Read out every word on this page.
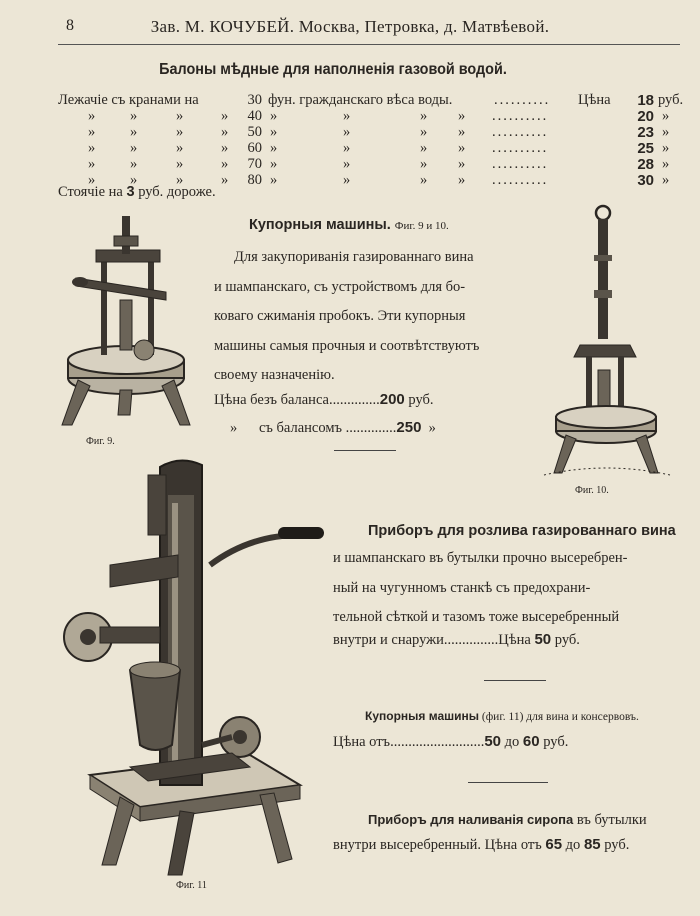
8	Зав. М. КОЧУБЕЙ. Москва, Петровка, д. Матвѣевой.
Балоны мѣдные для наполненія газовой водой.
Лежачiе съ кранами на	30 фун. гражданскаго вѣса воды.	.......... Цѣна	18 руб.
» »	»	»	40 »	»	» » ..........	20 »
» »	»	»	50 »	»	» » ..........	23 »
» »	»	»	60 »	»	» » ..........	25 »
» »	»	»	70 »	»	» » ..........	28 »
» »	»	»	80 »	»	» » ..........	30 »
Стоячiе на 3 руб. дороже.
Купорныя машины. Фиг. 9 и 10.
Для закупориванія газированнаго вина
и шампанскаго, съ устройствомъ для бо-
коваго сжиманія пробокъ. Эти купорныя
машины самыя прочныя и соотвѣтствуютъ
своему назначенію.
Цѣна безъ баланса..............200 руб.
»      съ балансомъ ..............250 »
Приборъ для розлива газированнаго вина
и шампанскаго въ бутылки прочно высеребрен-
ный на чугунномъ станкѣ съ предохрани-
тельной сѣткой и тазомъ тоже высеребренный
внутри и снаружи...............Цѣна 50 руб.
Купорныя машины (фиг. 11) для вина и консервовъ.
Цѣна отъ..........................50 до 60 руб.
Приборъ для наливанія сиропа въ бутылки
внутри высеребренный. Цѣна отъ 65 до 85 руб.
Фиг. 9.
Фиг. 10.
Фиг. 11
